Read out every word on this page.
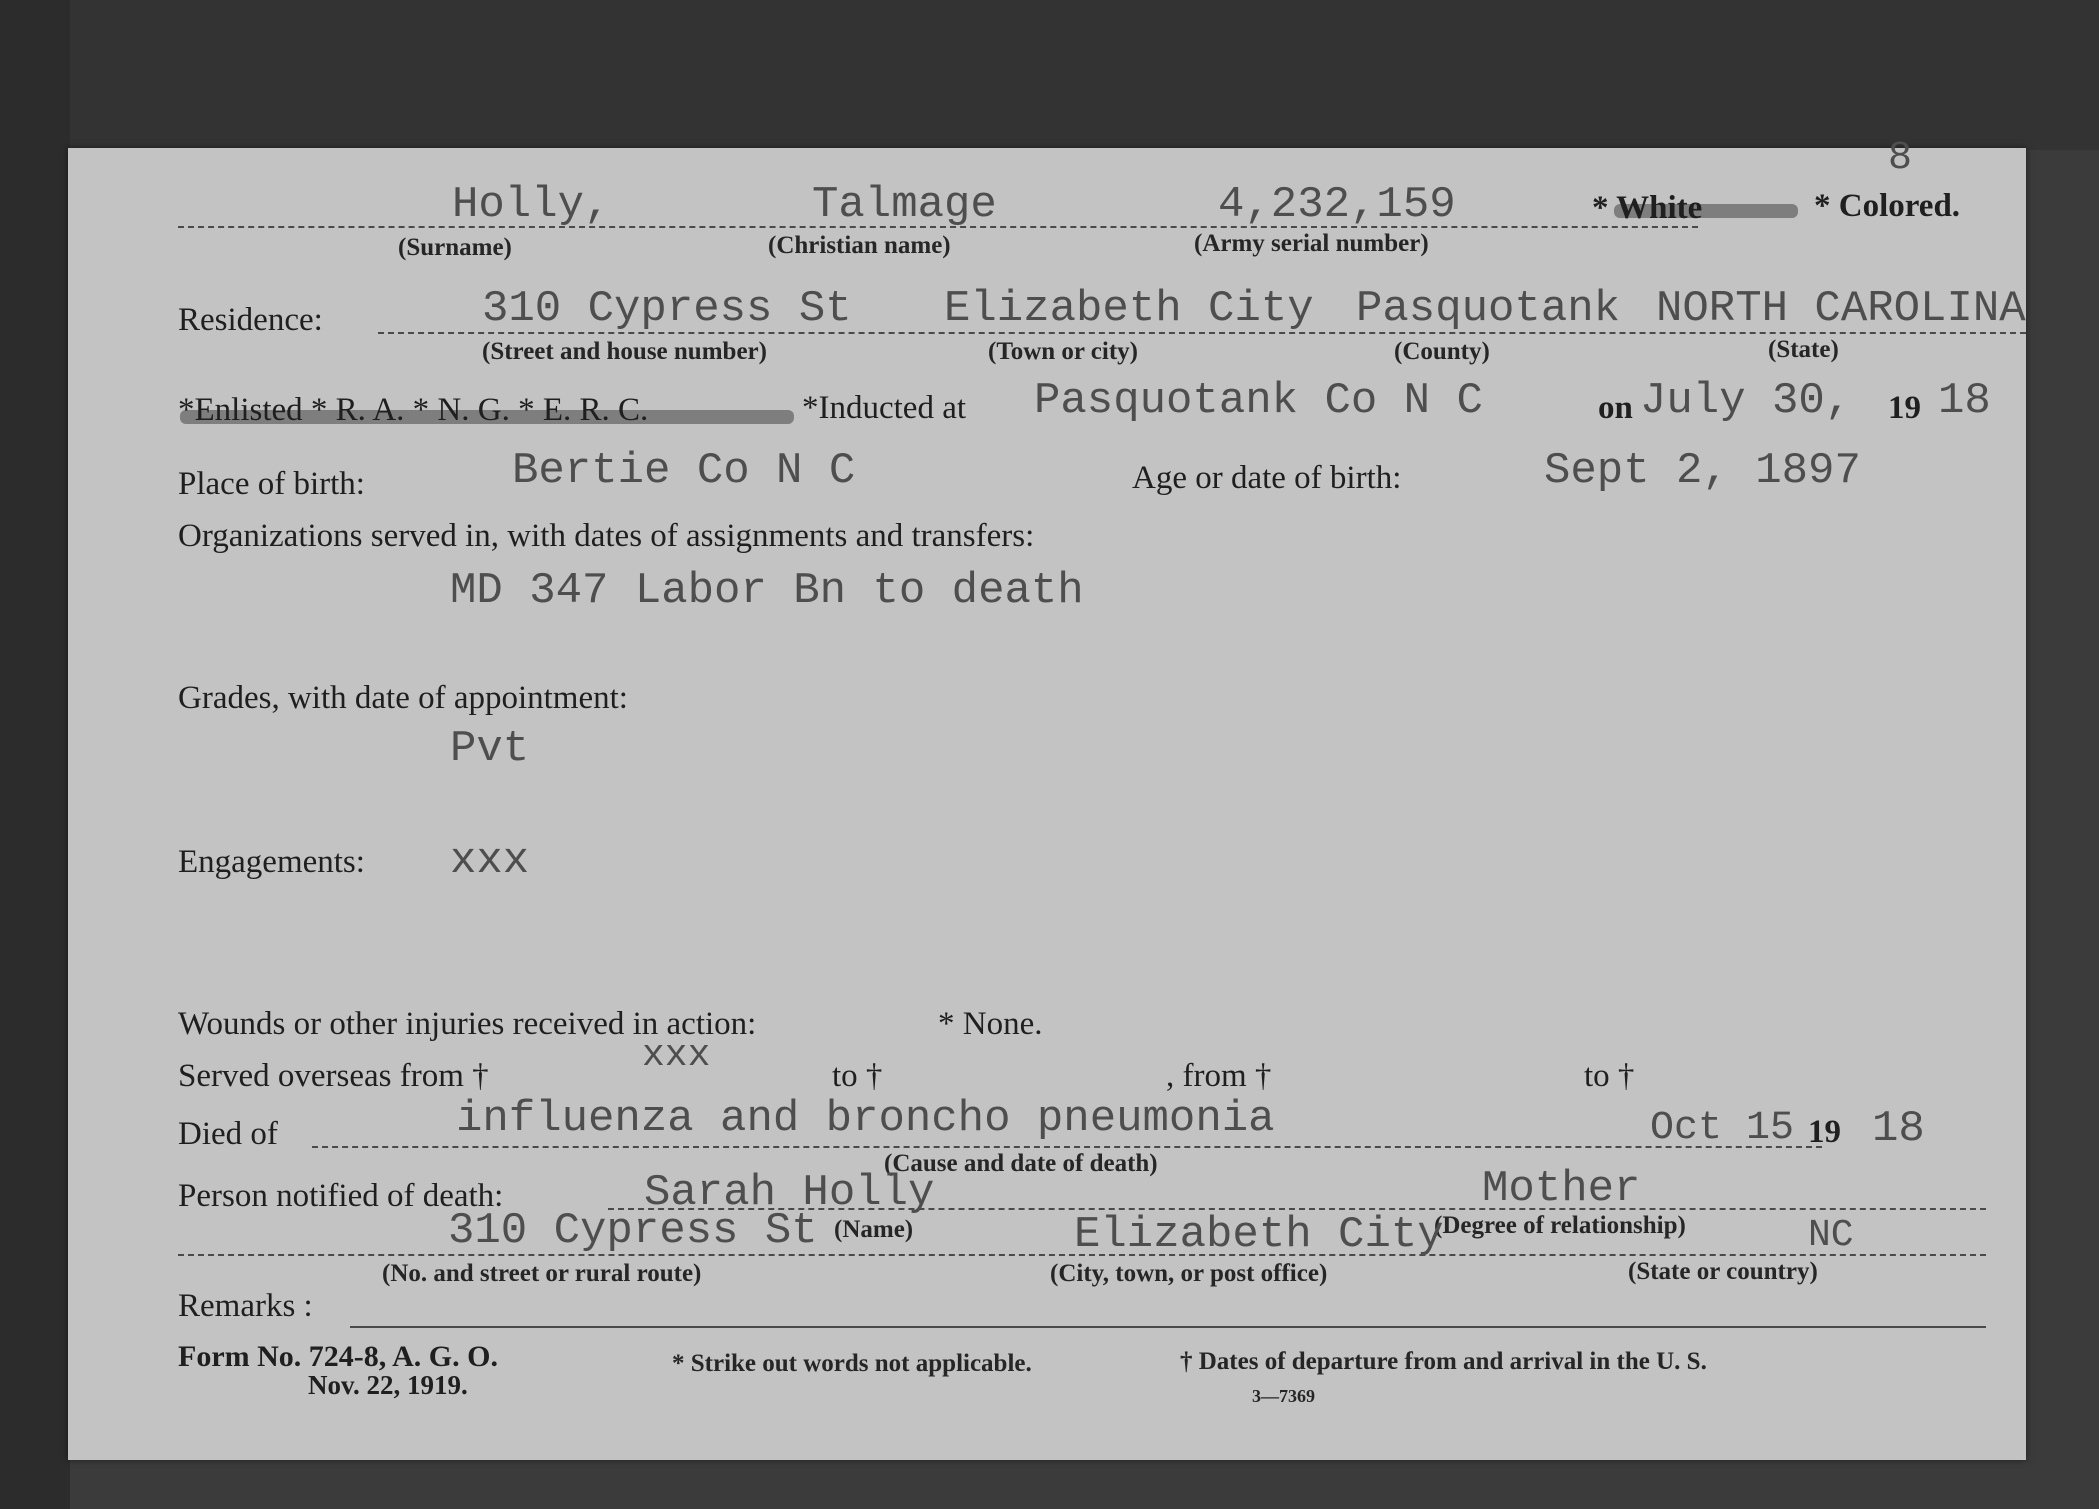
8
Holly,	Talmage	4,232,159	* White	* Colored.
(Surname)	(Christian name)	(Army serial number)
Residence:	310 Cypress St Elizabeth City Pasquotank NORTH CAROLINA
(Street and house number)	(Town or city)	(County)	(State)
*Enlisted * R. A. * N. G. * E. R. C.	*Inducted at Pasquotank Co N C	on July 30, 19 18
Place of birth:	Bertie Co N C	Age or date of birth:	Sept 2, 1897
Organizations served in, with dates of assignments and transfers:
MD 347 Labor Bn to death
Grades, with date of appointment:
Pvt
Engagements: xxx
Wounds or other injuries received in action:	* None.
Served overseas from †	xxx	to †	, from †	to †
Died of	influenza and broncho pneumonia	Oct 15 19 18
(Cause and date of death)
Person notified of death:	Sarah Holly	Mother
(Name)	(Degree of relationship)
310 Cypress St	Elizabeth City	NC
(No. and street or rural route)	(City, town, or post office)	(State or country)
Remarks :
Form No. 724-8, A. G. O.
Nov. 22, 1919.
* Strike out words not applicable.	† Dates of departure from and arrival in the U. S.
3—7369
